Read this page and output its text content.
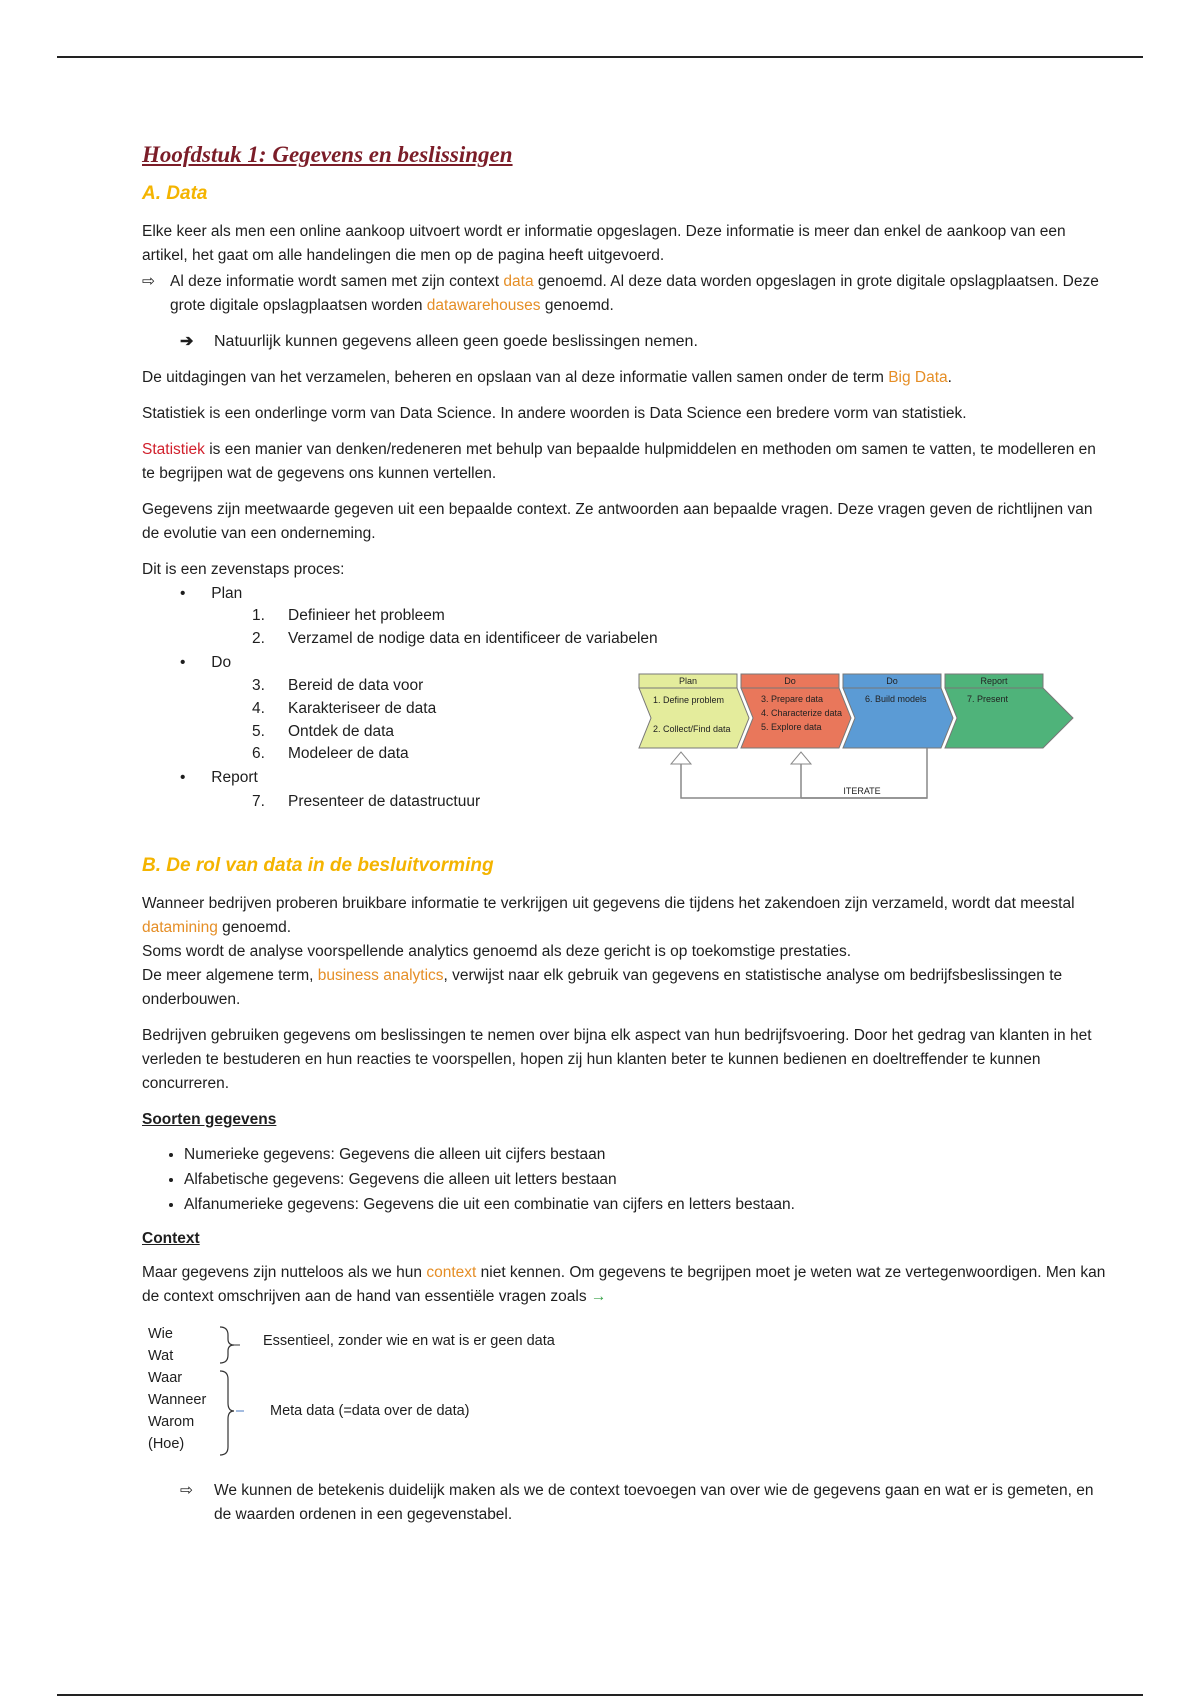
Hoofdstuk 1: Gegevens en beslissingen
A. Data

Elke keer als men een online aankoop uitvoert wordt er informatie opgeslagen. Deze informatie is meer dan enkel de aankoop van een artikel, het gaat om alle handelingen die men op de pagina heeft uitgevoerd.

⇨ Al deze informatie wordt samen met zijn context data genoemd. Al deze data worden opgeslagen in grote digitale opslagplaatsen. Deze grote digitale opslagplaatsen worden datawarehouses genoemd.
➔	Natuurlijk kunnen gegevens alleen geen goede beslissingen nemen.

De uitdagingen van het verzamelen, beheren en opslaan van al deze informatie vallen samen onder de term Big Data.

Statistiek is een onderlinge vorm van Data Science. In andere woorden is Data Science een bredere vorm van statistiek.

Statistiek is een manier van denken/redeneren met behulp van bepaalde hulpmiddelen en methoden om samen te vatten, te modelleren en te begrijpen wat de gegevens ons kunnen vertellen.

Gegevens zijn meetwaarde gegeven uit een bepaalde context. Ze antwoorden aan bepaalde vragen. Deze vragen geven de richtlijnen van de evolutie van een onderneming.

Dit is een zevenstaps proces:

•      Plan
1. Definieer het probleem
2. Verzamel de nodige data en identificeer de variabelen
•      Do
3. Bereid de data voor
4. Karakteriseer de data
5. Ontdek de data
6. Modeleer de data
•      Report
7. Presenteer de datastructuur
Plan
1. Define problem
2. Collect/Find data
Do
3. Prepare data
4. Characterize data
5. Explore data
Do
6. Build models
Report
7. Present
ITERATE
B. De rol van data in de besluitvorming
Wanneer bedrijven proberen bruikbare informatie te verkrijgen uit gegevens die tijdens het zakendoen zijn verzameld, wordt dat meestal datamining genoemd.
Soms wordt de analyse voorspellende analytics genoemd als deze gericht is op toekomstige prestaties.
De meer algemene term, business analytics, verwijst naar elk gebruik van gegevens en statistische analyse om bedrijfsbeslissingen te onderbouwen.

Bedrijven gebruiken gegevens om beslissingen te nemen over bijna elk aspect van hun bedrijfsvoering. Door het gedrag van klanten in het verleden te bestuderen en hun reacties te voorspellen, hopen zij hun klanten beter te kunnen bedienen en doeltreffender te kunnen concurreren.

Soorten gegevens
• Numerieke gegevens: Gegevens die alleen uit cijfers bestaan
• Alfabetische gegevens: Gegevens die alleen uit letters bestaan
• Alfanumerieke gegevens: Gegevens die uit een combinatie van cijfers en letters bestaan.
Context

Maar gegevens zijn nutteloos als we hun context niet kennen. Om gegevens te begrijpen moet je weten wat ze vertegenwoordigen. Men kan de context omschrijven aan de hand van essentiële vragen zoals →

Wie
Wat
Waar
Wanneer
Warom
(Hoe)
Essentieel, zonder wie en wat is er geen data
Meta data (=data over de data)
⇨	We kunnen de betekenis duidelijk maken als we de context toevoegen van over wie de gegevens gaan en wat er is gemeten, en de waarden ordenen in een gegevenstabel.
